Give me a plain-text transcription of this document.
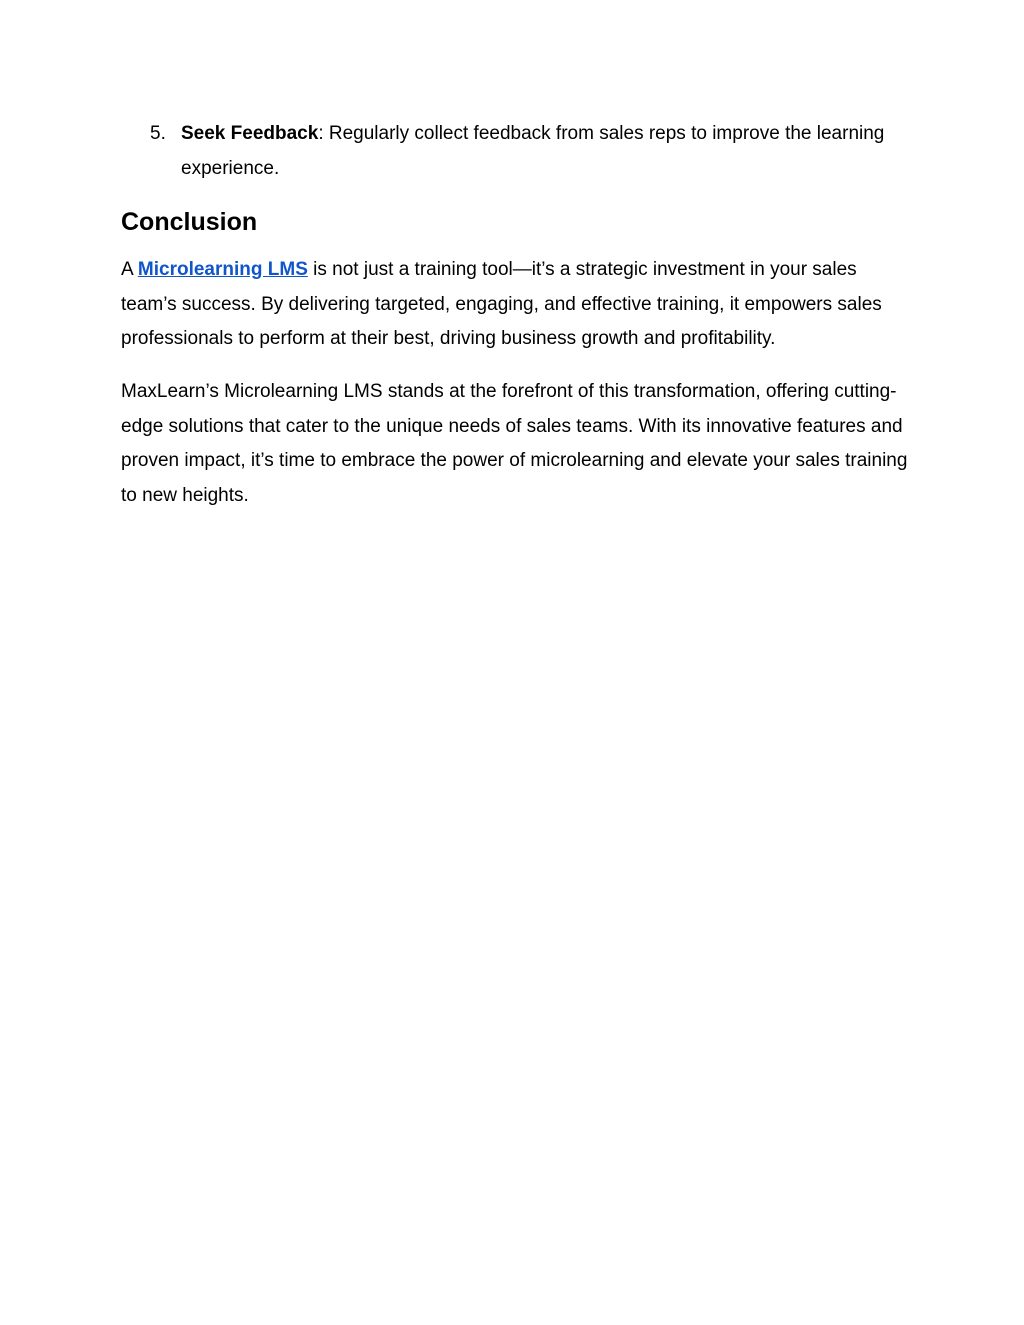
5. Seek Feedback: Regularly collect feedback from sales reps to improve the learning experience.
Conclusion

A Microlearning LMS is not just a training tool—it’s a strategic investment in your sales team’s success. By delivering targeted, engaging, and effective training, it empowers sales professionals to perform at their best, driving business growth and profitability.

MaxLearn’s Microlearning LMS stands at the forefront of this transformation, offering cutting-edge solutions that cater to the unique needs of sales teams. With its innovative features and proven impact, it’s time to embrace the power of microlearning and elevate your sales training to new heights.
